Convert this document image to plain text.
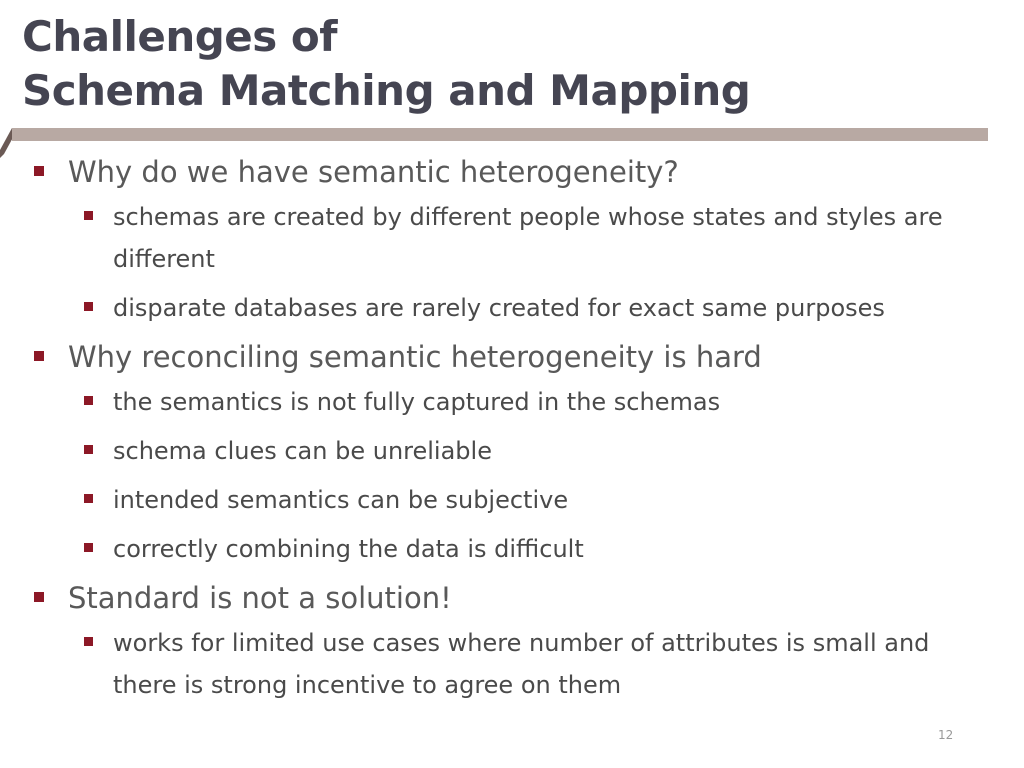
Challenges of
Schema Matching and Mapping
Why do we have semantic heterogeneity?
schemas are created by different people whose states and styles are different
disparate databases are rarely created for exact same purposes
Why reconciling semantic heterogeneity is hard
the semantics is not fully captured in the schemas
schema clues can be unreliable
intended semantics can be subjective
correctly combining the data is difficult
Standard is not a solution!
works for limited use cases where number of attributes is small and there is strong incentive to agree on them
12
